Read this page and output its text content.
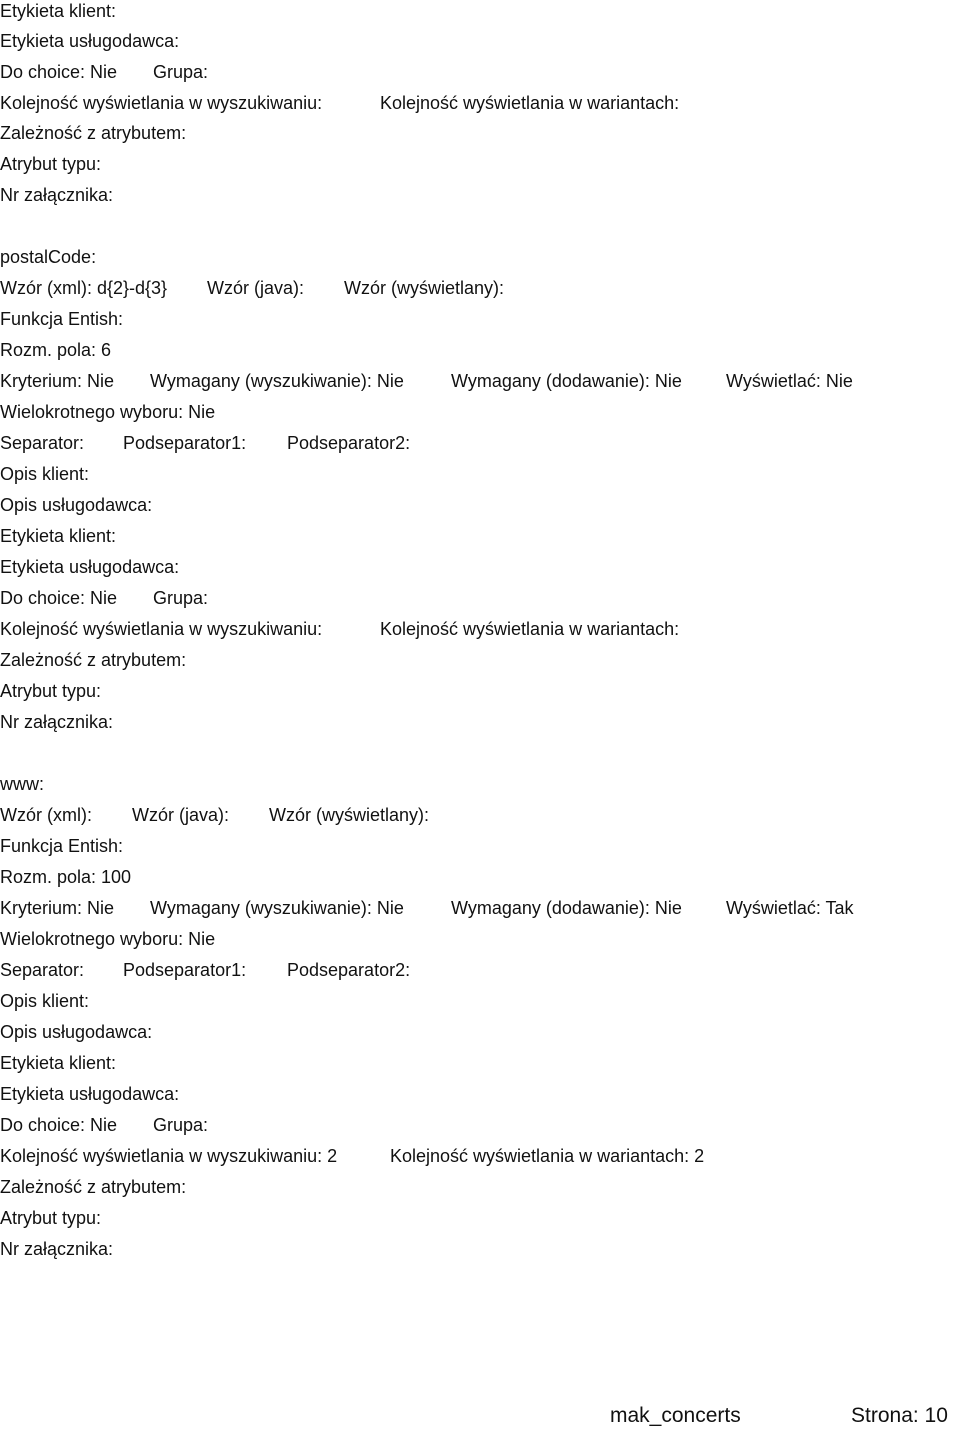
Etykieta klient:
Etykieta usługodawca:
Do choice: Nie Grupa:
Kolejność wyświetlania w wyszukiwaniu:	Kolejność wyświetlania w wariantach:
Zależność z atrybutem:
Atrybut typu:
Nr załącznika:
postalCode:
Wzór (xml): d{2}-d{3} Wzór (java): Wzór (wyświetlany):
Funkcja Entish:
Rozm. pola: 6
Kryterium: Nie Wymagany (wyszukiwanie): Nie	Wymagany (dodawanie): Nie Wyświetlać: Nie
Wielokrotnego wyboru: Nie
Separator: Podseparator1: Podseparator2:
Opis klient:
Opis usługodawca:
Etykieta klient:
Etykieta usługodawca:
Do choice: Nie Grupa:
Kolejność wyświetlania w wyszukiwaniu:	Kolejność wyświetlania w wariantach:
Zależność z atrybutem:
Atrybut typu:
Nr załącznika:
www:
Wzór (xml): Wzór (java): Wzór (wyświetlany):
Funkcja Entish:
Rozm. pola: 100
Kryterium: Nie Wymagany (wyszukiwanie): Nie	Wymagany (dodawanie): Nie Wyświetlać: Tak
Wielokrotnego wyboru: Nie
Separator: Podseparator1: Podseparator2:
Opis klient:
Opis usługodawca:
Etykieta klient:
Etykieta usługodawca:
Do choice: Nie Grupa:
Kolejność wyświetlania w wyszukiwaniu: 2	Kolejność wyświetlania w wariantach: 2
Zależność z atrybutem:
Atrybut typu:
Nr załącznika:
mak_concerts	Strona: 10
